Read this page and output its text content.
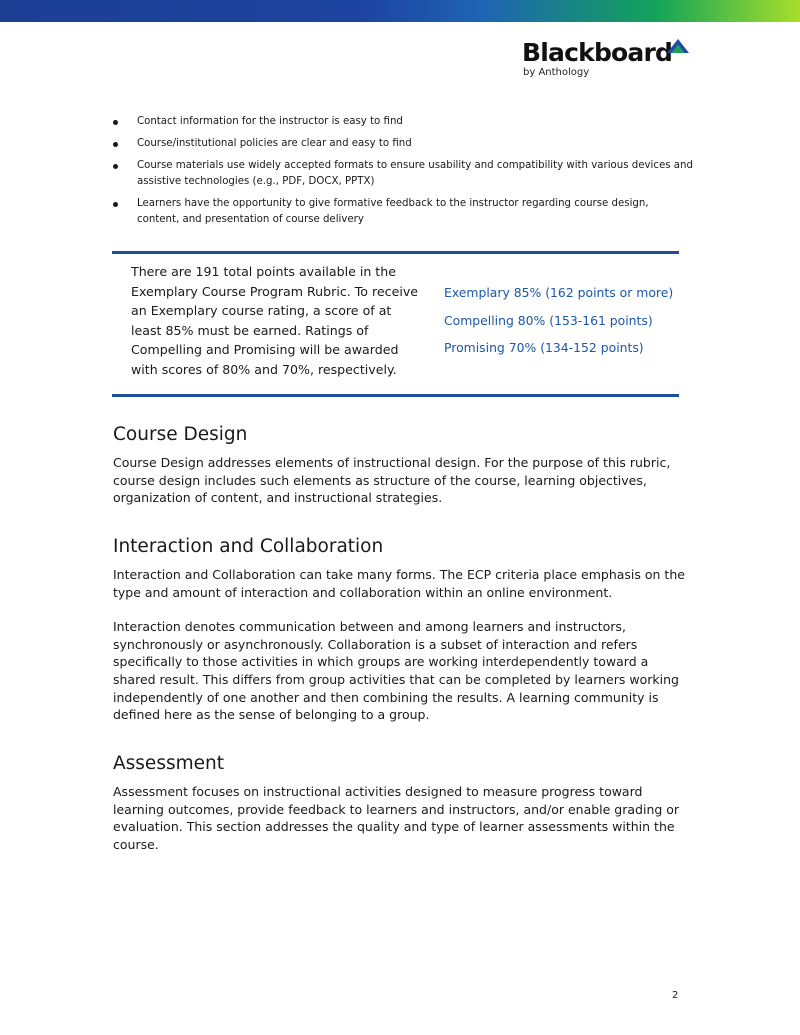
Blackboard
by Anthology
Contact information for the instructor is easy to find
Course/institutional policies are clear and easy to find
Course materials use widely accepted formats to ensure usability and compatibility with various devices and assistive technologies (e.g., PDF, DOCX, PPTX)
Learners have the opportunity to give formative feedback to the instructor regarding course design, content, and presentation of course delivery

There are 191 total points available in the Exemplary Course Program Rubric. To receive an Exemplary course rating, a score of at least 85% must be earned. Ratings of Compelling and Promising will be awarded with scores of 80% and 70%, respectively.

Exemplary 85% (162 points or more)
Compelling 80% (153-161 points)
Promising 70% (134-152 points)
Course Design

Course Design addresses elements of instructional design. For the purpose of this rubric, course design includes such elements as structure of the course, learning objectives, organization of content, and instructional strategies.

Interaction and Collaboration

Interaction and Collaboration can take many forms. The ECP criteria place emphasis on the type and amount of interaction and collaboration within an online environment.

Interaction denotes communication between and among learners and instructors, synchronously or asynchronously. Collaboration is a subset of interaction and refers specifically to those activities in which groups are working interdependently toward a shared result. This differs from group activities that can be completed by learners working independently of one another and then combining the results. A learning community is defined here as the sense of belonging to a group.

Assessment

Assessment focuses on instructional activities designed to measure progress toward learning outcomes, provide feedback to learners and instructors, and/or enable grading or evaluation. This section addresses the quality and type of learner assessments within the course.

2
